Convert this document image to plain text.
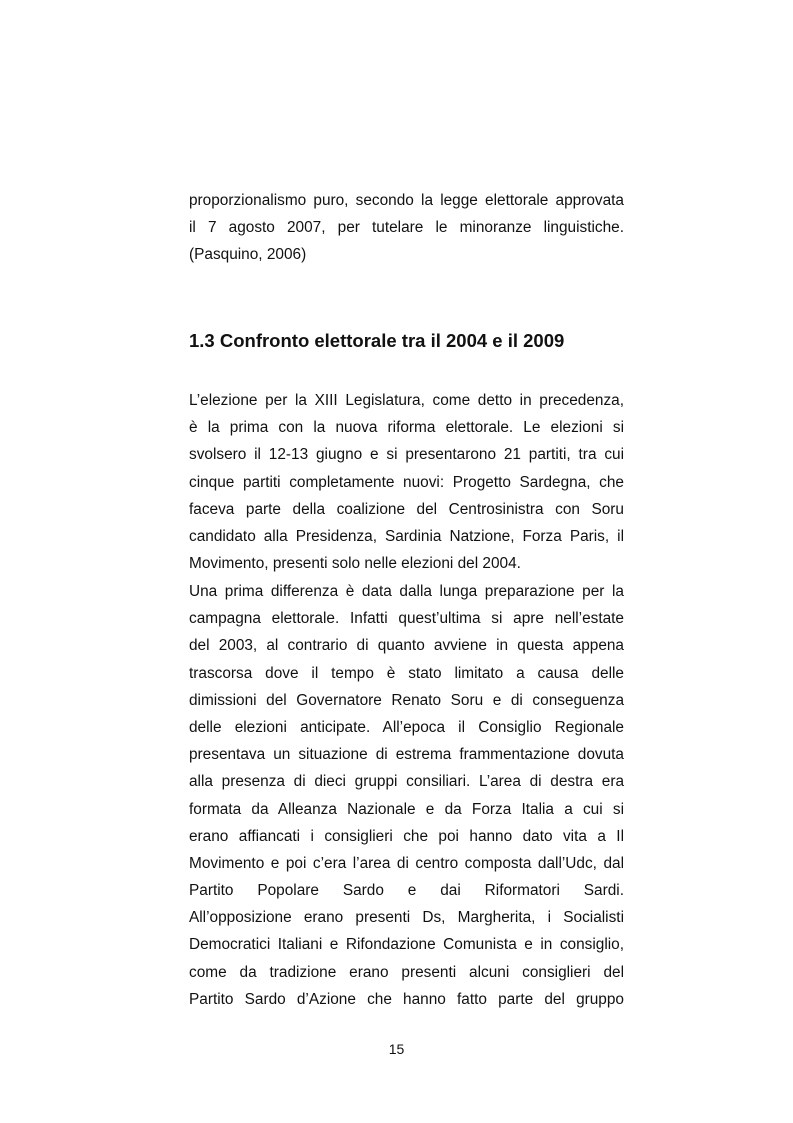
proporzionalismo puro, secondo la legge elettorale approvata
il 7 agosto 2007, per tutelare le minoranze linguistiche.
(Pasquino, 2006)
1.3 Confronto elettorale tra il 2004 e il 2009
L’elezione per la XIII Legislatura, come detto in precedenza,
è la prima con la nuova riforma elettorale. Le elezioni si
svolsero il 12-13 giugno e si presentarono 21 partiti, tra cui
cinque partiti completamente nuovi: Progetto Sardegna, che
faceva parte della coalizione del Centrosinistra con Soru
candidato alla Presidenza, Sardinia Natzione, Forza Paris, il
Movimento, presenti solo nelle elezioni del 2004.
Una prima differenza è data dalla lunga preparazione per la
campagna elettorale. Infatti quest’ultima si apre nell’estate
del 2003, al contrario di quanto avviene in questa appena
trascorsa dove il tempo è stato limitato a causa delle
dimissioni del Governatore Renato Soru e di conseguenza
delle elezioni anticipate. All’epoca il Consiglio Regionale
presentava un situazione di estrema frammentazione dovuta
alla presenza di dieci gruppi consiliari. L’area di destra era
formata da Alleanza Nazionale e da Forza Italia a cui si
erano affiancati i consiglieri che poi hanno dato vita a Il
Movimento e poi c’era l’area di centro composta dall’Udc, dal
Partito Popolare Sardo e dai Riformatori Sardi.
All’opposizione erano presenti Ds, Margherita, i Socialisti
Democratici Italiani e Rifondazione Comunista e in consiglio,
come da tradizione erano presenti alcuni consiglieri del
Partito Sardo d’Azione che hanno fatto parte del gruppo
15
